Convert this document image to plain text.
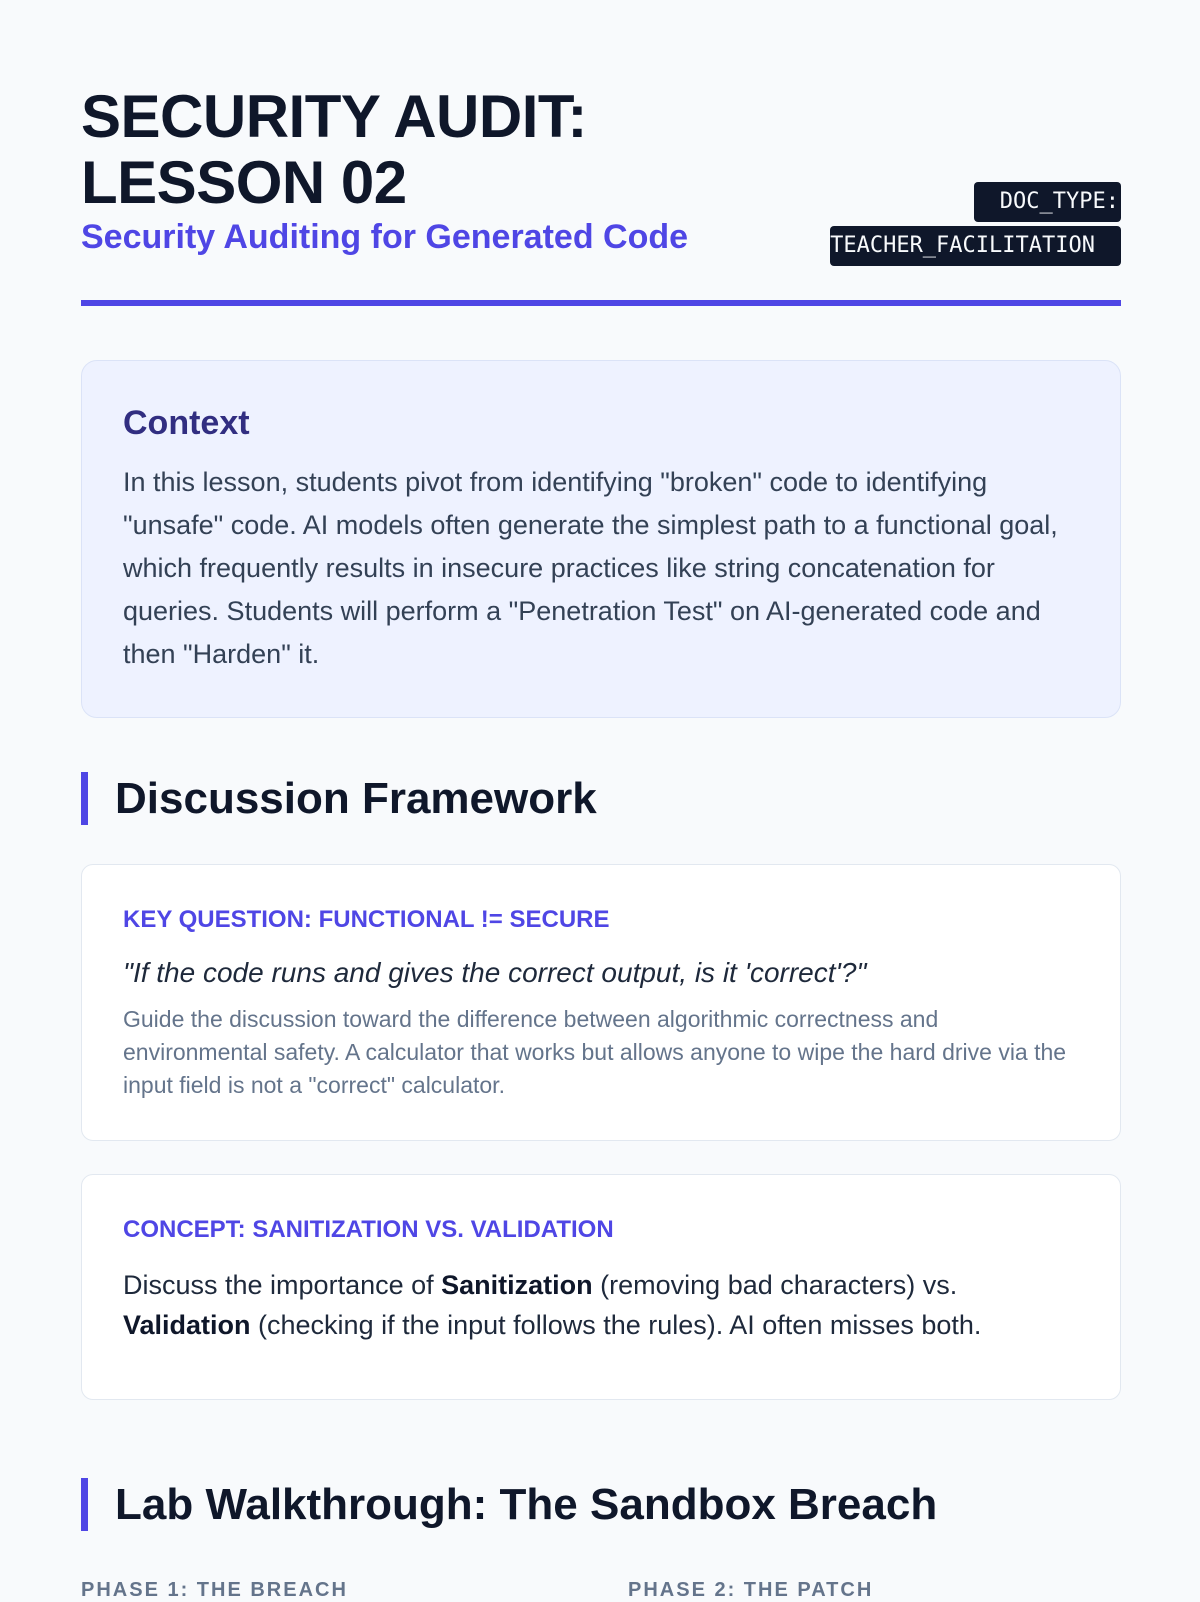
SECURITY AUDIT:
LESSON 02
Security Auditing for Generated Code
DOC_TYPE:
TEACHER_FACILITATION
Context

In this lesson, students pivot from identifying "broken" code to identifying "unsafe" code. AI models often generate the simplest path to a functional goal, which frequently results in insecure practices like string concatenation for queries. Students will perform a "Penetration Test" on AI-generated code and then "Harden" it.

Discussion Framework
KEY QUESTION: FUNCTIONAL != SECURE
"If the code runs and gives the correct output, is it 'correct'?"
Guide the discussion toward the difference between algorithmic correctness and environmental safety. A calculator that works but allows anyone to wipe the hard drive via the input field is not a "correct" calculator.
CONCEPT: SANITIZATION VS. VALIDATION
Discuss the importance of Sanitization (removing bad characters) vs.
Validation (checking if the input follows the rules). AI often misses both.
Lab Walkthrough: The Sandbox Breach
PHASE 1: THE BREACH	PHASE 2: THE PATCH
